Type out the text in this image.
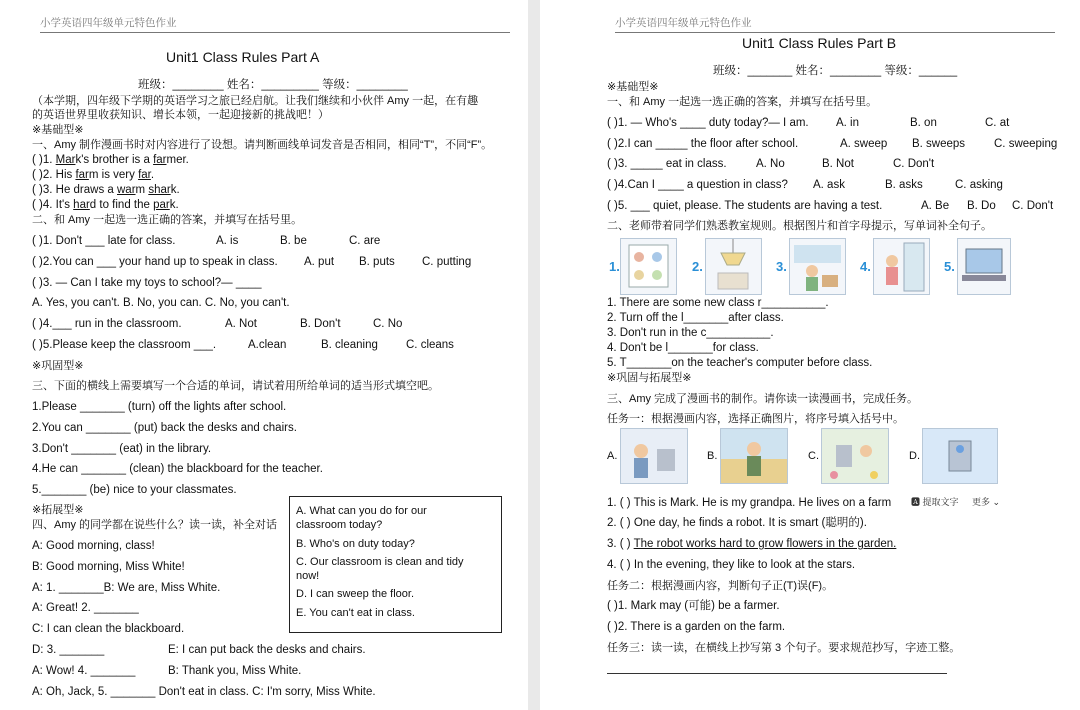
小学英语四年级单元特色作业
Unit1 Class Rules Part A
班级：________ 姓名：_________ 等级：________
（本学期，四年级下学期的英语学习之旅已经启航。让我们继续和小伙伴 Amy 一起，在有趣
的英语世界里收获知识、增长本领，一起迎接新的挑战吧！）
※基础型※
一、Amy 制作漫画书时对内容进行了设想。请判断画线单词发音是否相同，相同“T”，不同“F”。
( )1. Mark's brother is a farmer.
( )2. His farm is very far.
( )3. He draws a warm shark.
( )4. It's hard to find the park.
二、和 Amy 一起选一选正确的答案，并填写在括号里。
( )1. Don't ___ late for class.	A. is	B. be	C. are
( )2.You can ___ your hand up to speak in class. A. put B. puts C. putting
( )3. — Can I take my toys to school?— ____
A. Yes, you can't. B. No, you can. C. No, you can't.
( )4.___ run in the classroom.	A. Not	B. Don't	C. No
( )5.Please keep the classroom ___.	A.clean	B. cleaning C. cleans
※巩固型※
三、下面的横线上需要填写一个合适的单词，请试着用所给单词的适当形式填空吧。
1.Please _______ (turn) off the lights after school.
2.You can _______ (put) back the desks and chairs.
3.Don't _______ (eat) in the library.
4.He can _______ (clean) the blackboard for the teacher.
5._______ (be) nice to your classmates.
※拓展型※
四、Amy 的同学都在说些什么？读一读，补全对话
A: Good morning, class!
B: Good morning, Miss White!
A: 1. _______B: We are, Miss White.
A: Great! 2. _______
C: I can clean the blackboard.
D: 3. _______	E: I can put back the desks and chairs.
A: Wow! 4. _______	B: Thank you, Miss White.
A: Oh, Jack, 5. _______ Don't eat in class. C: I'm sorry, Miss White.
A. What can you do for our
classroom today?
B. Who's on duty today?
C. Our classroom is clean and tidy
now!
D. I can sweep the floor.
E. You can't eat in class.
小学英语四年级单元特色作业
Unit1 Class Rules Part B
班级：_______ 姓名：________ 等级：______
※基础型※
一、和 Amy 一起选一选正确的答案，并填写在括号里。
( )1. — Who's ____ duty today?— I am. A. in	B. on	C. at
( )2.I can _____ the floor after school.	A. sweep B. sweeps	C. sweeping
( )3. _____ eat in class.	A. No	B. Not	C. Don't
( )4.Can I ____ a question in class? A. ask	B. asks	C. asking
( )5. ___ quiet, please. The students are having a test.	A. Be B. Do C. Don't
二、老师带着同学们熟悉教室规则。根据图片和首字母提示，写单词补全句子。
1.	2.	3.	4.	5.
1. There are some new class r__________.
2. Turn off the l_______after class.
3. Don't run in the c__________.
4. Don't be l_______for class.
5. T_______on the teacher's computer before class.
※巩固与拓展型※
三、Amy 完成了漫画书的制作。请你读一读漫画书，完成任务。
任务一：根据漫画内容，选择正确图片，将序号填入括号中。
A.	B.	C.	D.
1. ( ) This is Mark. He is my grandpa. He lives on a farm 🅰 提取文字 更多 ⌄
2. ( ) One day, he finds a robot. It is smart (聪明的).
3. ( ) The robot works hard to grow flowers in the garden.
4. ( ) In the evening, they like to look at the stars.
任务二：根据漫画内容，判断句子正(T)误(F)。
( )1. Mark may (可能) be a farmer.
( )2. There is a garden on the farm.
任务三：读一读，在横线上抄写第 3 个句子。要求规范抄写，字迹工整。
